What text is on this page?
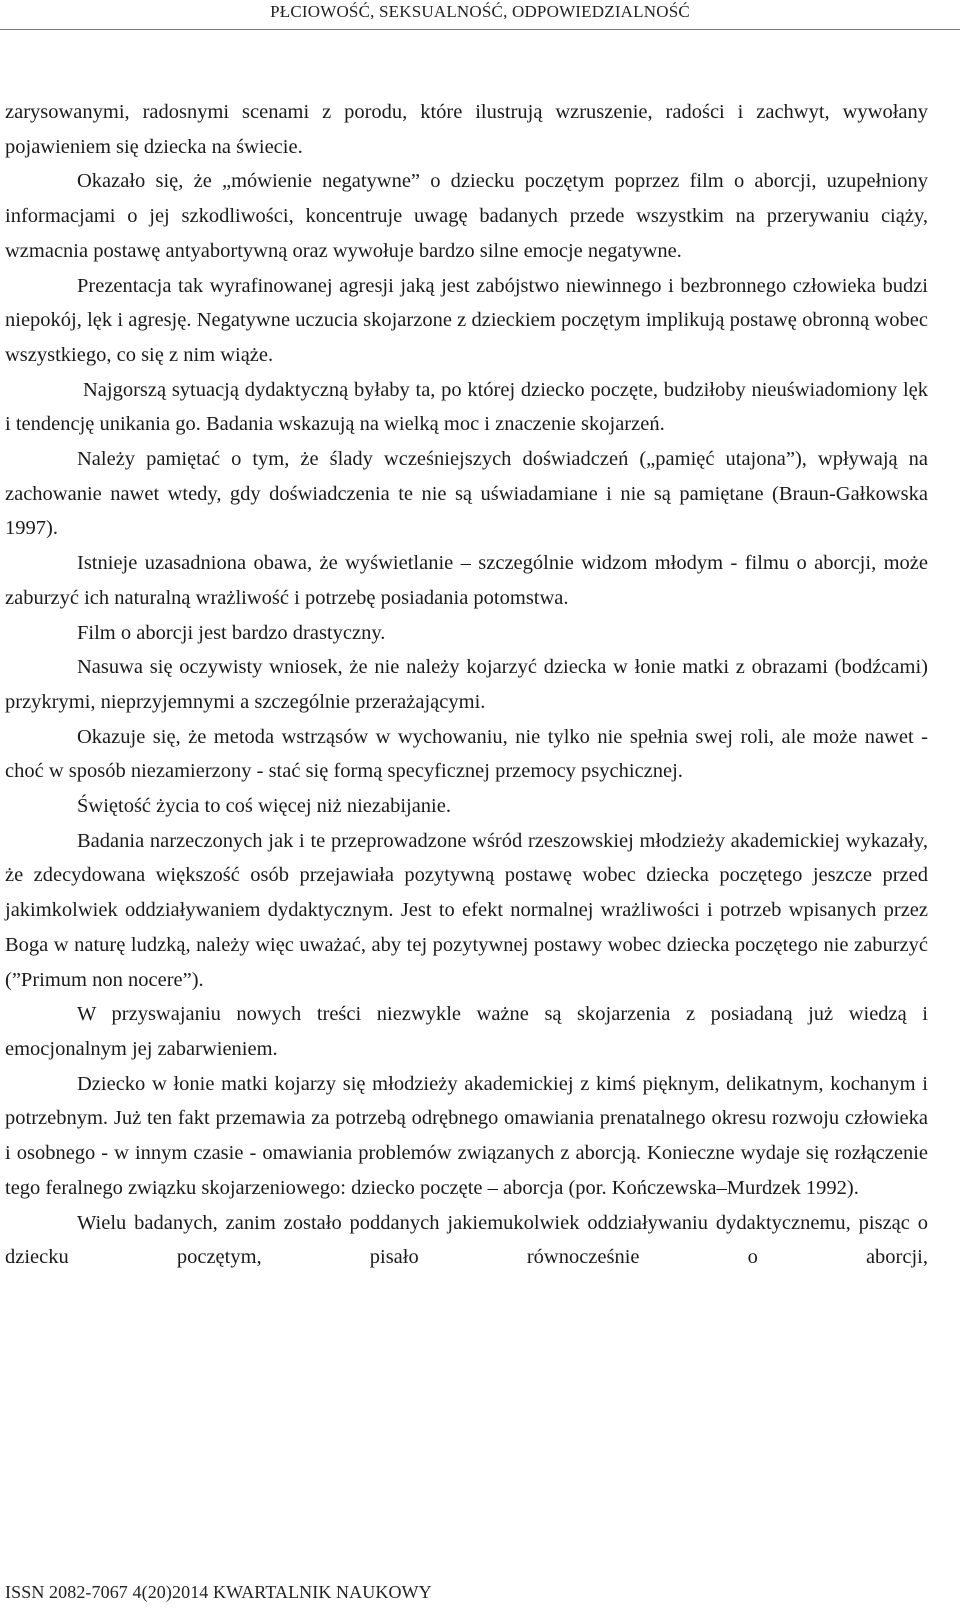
PŁCIOWOŚĆ, SEKSUALNOŚĆ, ODPOWIEDZIALNOŚĆ

zarysowanymi, radosnymi scenami z porodu, które ilustrują wzruszenie, radości i zachwyt, wywołany pojawieniem się dziecka na świecie.

Okazało się, że „mówienie negatywne” o dziecku poczętym poprzez film o aborcji, uzupełniony informacjami o jej szkodliwości, koncentruje uwagę badanych przede wszystkim na przerywaniu ciąży, wzmacnia postawę antyabortywną oraz wywołuje bardzo silne emocje negatywne.

Prezentacja tak wyrafinowanej agresji jaką jest zabójstwo niewinnego i bezbronnego człowieka budzi niepokój, lęk i agresję. Negatywne uczucia skojarzone z dzieckiem poczętym implikują postawę obronną wobec wszystkiego, co się z nim wiąże.

Najgorszą sytuacją dydaktyczną byłaby ta, po której dziecko poczęte, budziłoby nieuświadomiony lęk i tendencję unikania go. Badania wskazują na wielką moc i znaczenie skojarzeń.

Należy pamiętać o tym, że ślady wcześniejszych doświadczeń („pamięć utajona”), wpływają na zachowanie nawet wtedy, gdy doświadczenia te nie są uświadamiane i nie są pamiętane (Braun-Gałkowska 1997).

Istnieje uzasadniona obawa, że wyświetlanie – szczególnie widzom młodym - filmu o aborcji, może zaburzyć ich naturalną wrażliwość i potrzebę posiadania potomstwa.

Film o aborcji jest bardzo drastyczny.

Nasuwa się oczywisty wniosek, że nie należy kojarzyć dziecka w łonie matki z obrazami (bodźcami) przykrymi, nieprzyjemnymi a szczególnie przerażającymi.

Okazuje się, że metoda wstrząsów w wychowaniu, nie tylko nie spełnia swej roli, ale może nawet - choć w sposób niezamierzony - stać się formą specyficznej przemocy psychicznej.

Świętość życia to coś więcej niż niezabijanie.

Badania narzeczonych jak i te przeprowadzone wśród rzeszowskiej młodzieży akademickiej wykazały, że zdecydowana większość osób przejawiała pozytywną postawę wobec dziecka poczętego jeszcze przed jakimkolwiek oddziaływaniem dydaktycznym. Jest to efekt normalnej wrażliwości i potrzeb wpisanych przez Boga w naturę ludzką, należy więc uważać, aby tej pozytywnej postawy wobec dziecka poczętego nie zaburzyć (”Primum non nocere”).

W przyswajaniu nowych treści niezwykle ważne są skojarzenia z posiadaną już wiedzą i emocjonalnym jej zabarwieniem.

Dziecko w łonie matki kojarzy się młodzieży akademickiej z kimś pięknym, delikatnym, kochanym i potrzebnym. Już ten fakt przemawia za potrzebą odrębnego omawiania prenatalnego okresu rozwoju człowieka i osobnego - w innym czasie - omawiania problemów związanych z aborcją. Konieczne wydaje się rozłączenie tego feralnego związku skojarzeniowego: dziecko poczęte – aborcja (por. Kończewska–Murdzek 1992).

Wielu badanych, zanim zostało poddanych jakiemukolwiek oddziaływaniu dydaktycznemu, pisząc o dziecku poczętym, pisało równocześnie o aborcji,

ISSN 2082-7067 4(20)2014 KWARTALNIK NAUKOWY
